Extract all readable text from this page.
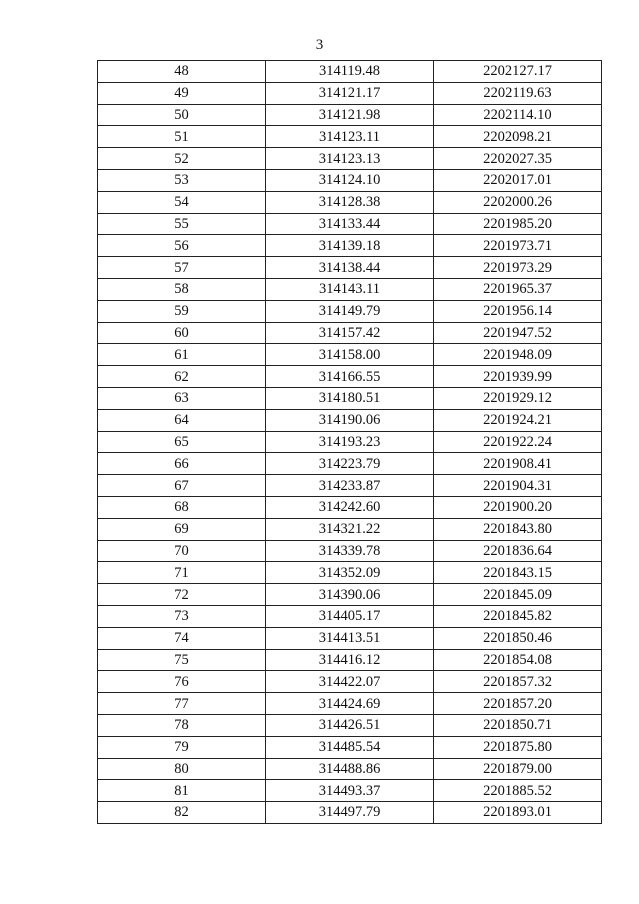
3
48	314119.48	2202127.17
49	314121.17	2202119.63
50	314121.98	2202114.10
51	314123.11	2202098.21
52	314123.13	2202027.35
53	314124.10	2202017.01
54	314128.38	2202000.26
55	314133.44	2201985.20
56	314139.18	2201973.71
57	314138.44	2201973.29
58	314143.11	2201965.37
59	314149.79	2201956.14
60	314157.42	2201947.52
61	314158.00	2201948.09
62	314166.55	2201939.99
63	314180.51	2201929.12
64	314190.06	2201924.21
65	314193.23	2201922.24
66	314223.79	2201908.41
67	314233.87	2201904.31
68	314242.60	2201900.20
69	314321.22	2201843.80
70	314339.78	2201836.64
71	314352.09	2201843.15
72	314390.06	2201845.09
73	314405.17	2201845.82
74	314413.51	2201850.46
75	314416.12	2201854.08
76	314422.07	2201857.32
77	314424.69	2201857.20
78	314426.51	2201850.71
79	314485.54	2201875.80
80	314488.86	2201879.00
81	314493.37	2201885.52
82	314497.79	2201893.01
